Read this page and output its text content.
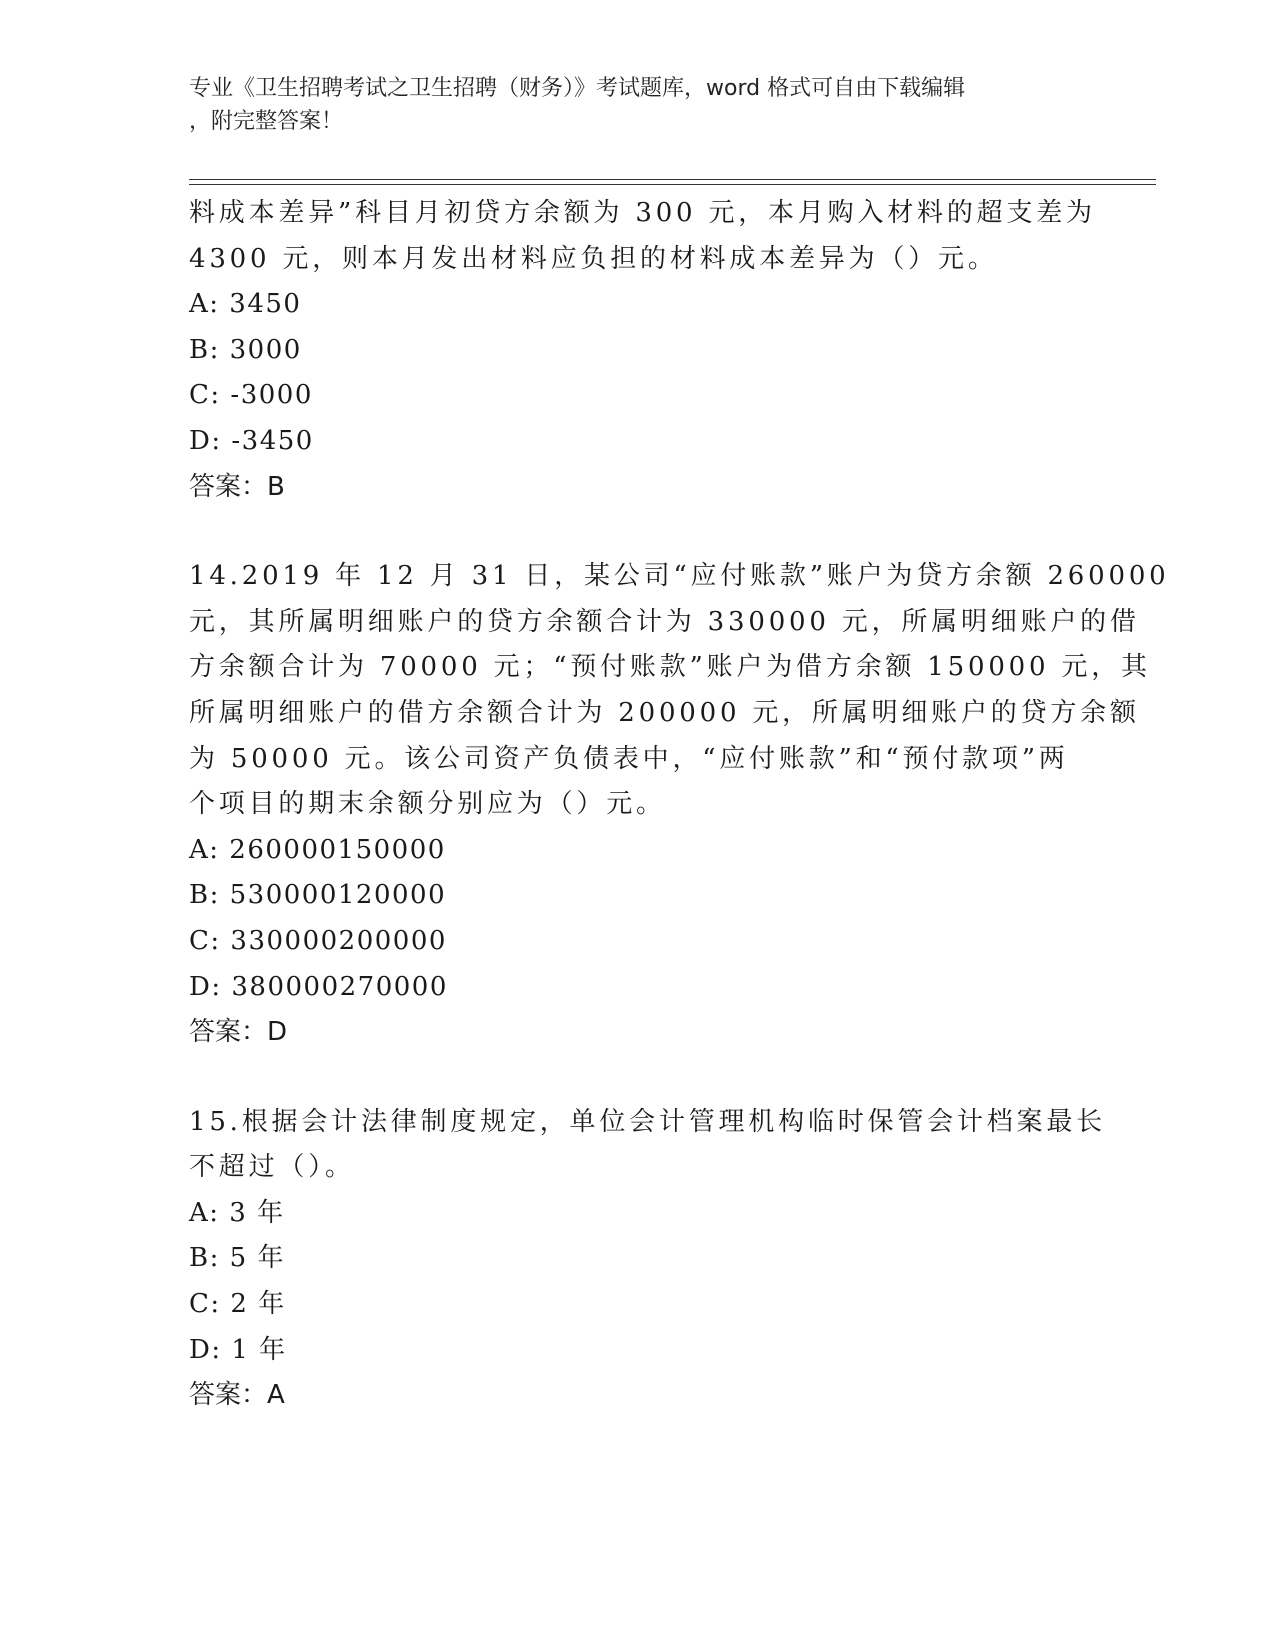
专业《卫生招聘考试之卫生招聘（财务）》考试题库，word 格式可自由下载编辑
，附完整答案！
料成本差异”科目月初贷方余额为 300 元，本月购入材料的超支差为
4300 元，则本月发出材料应负担的材料成本差异为（）元。
A: 3450
B: 3000
C: -3000
D: -3450
答案：B
14.2019 年 12 月 31 日，某公司“应付账款”账户为贷方余额 260000
元，其所属明细账户的贷方余额合计为 330000 元，所属明细账户的借
方余额合计为 70000 元；“预付账款”账户为借方余额 150000 元，其
所属明细账户的借方余额合计为 200000 元，所属明细账户的贷方余额
为 50000 元。该公司资产负债表中，“应付账款”和“预付款项”两
个项目的期末余额分别应为（）元。
A: 260000150000
B: 530000120000
C: 330000200000
D: 380000270000
答案：D
15.根据会计法律制度规定，单位会计管理机构临时保管会计档案最长
不超过（）。
A: 3 年
B: 5 年
C: 2 年
D: 1 年
答案：A
